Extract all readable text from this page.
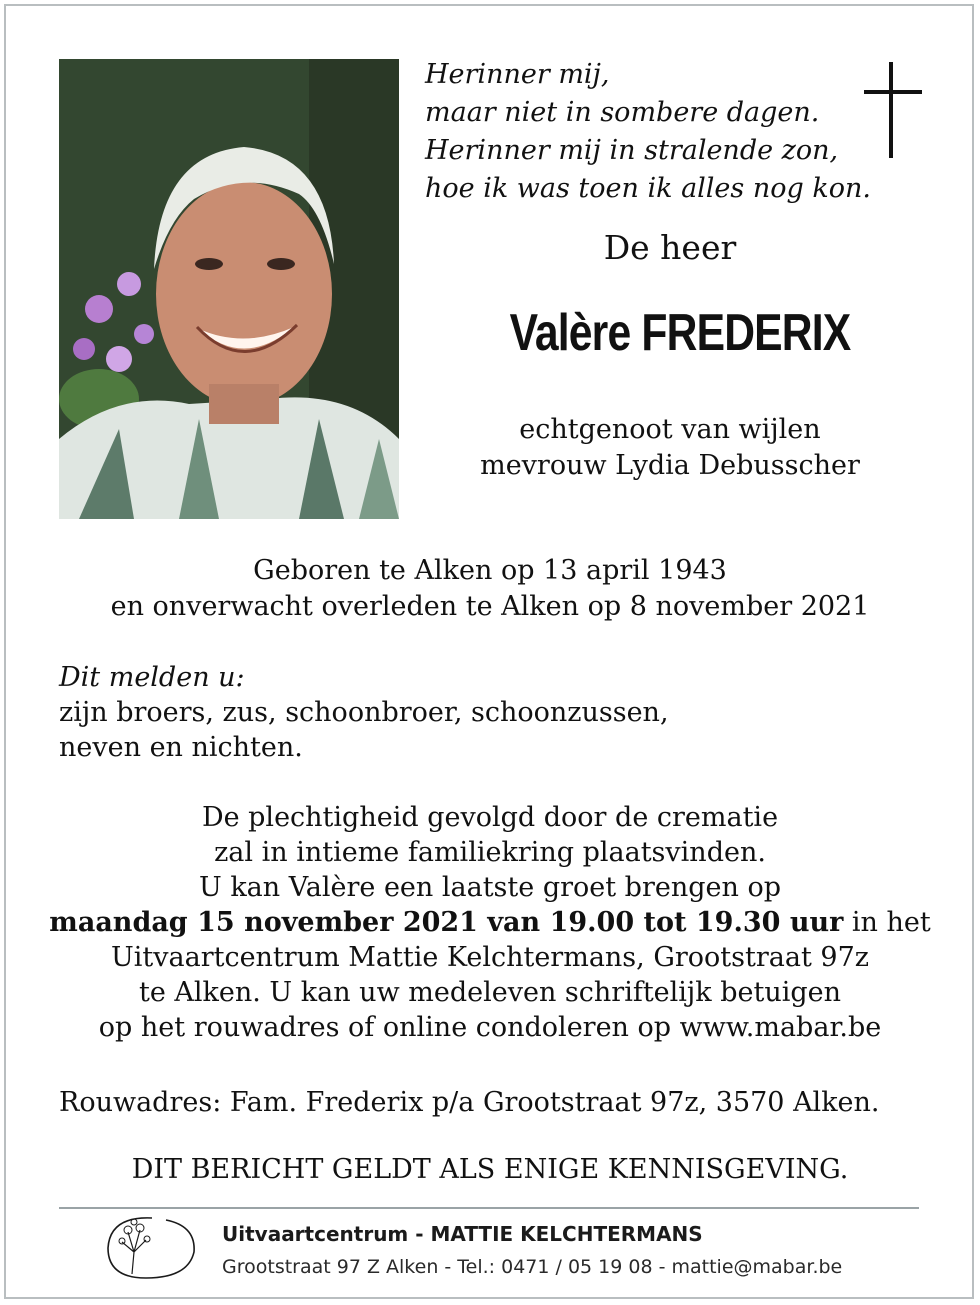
Herinner mij,
maar niet in sombere dagen.
Herinner mij in stralende zon,
hoe ik was toen ik alles nog kon.
De heer
Valère FREDERIX
echtgenoot van wijlen
mevrouw Lydia Debusscher
Geboren te Alken op 13 april 1943
en onverwacht overleden te Alken op 8 november 2021
Dit melden u:
zijn broers, zus, schoonbroer, schoonzussen,
neven en nichten.
De plechtigheid gevolgd door de crematie
zal in intieme familiekring plaatsvinden.
U kan Valère een laatste groet brengen op
maandag 15 november 2021 van 19.00 tot 19.30 uur in het
Uitvaartcentrum Mattie Kelchtermans, Grootstraat 97z
te Alken. U kan uw medeleven schriftelijk betuigen
op het rouwadres of online condoleren op www.mabar.be
Rouwadres: Fam. Frederix p/a Grootstraat 97z, 3570 Alken.
DIT BERICHT GELDT ALS ENIGE KENNISGEVING.
Uitvaartcentrum - MATTIE KELCHTERMANS
Grootstraat 97 Z Alken - Tel.: 0471 / 05 19 08 - mattie@mabar.be
